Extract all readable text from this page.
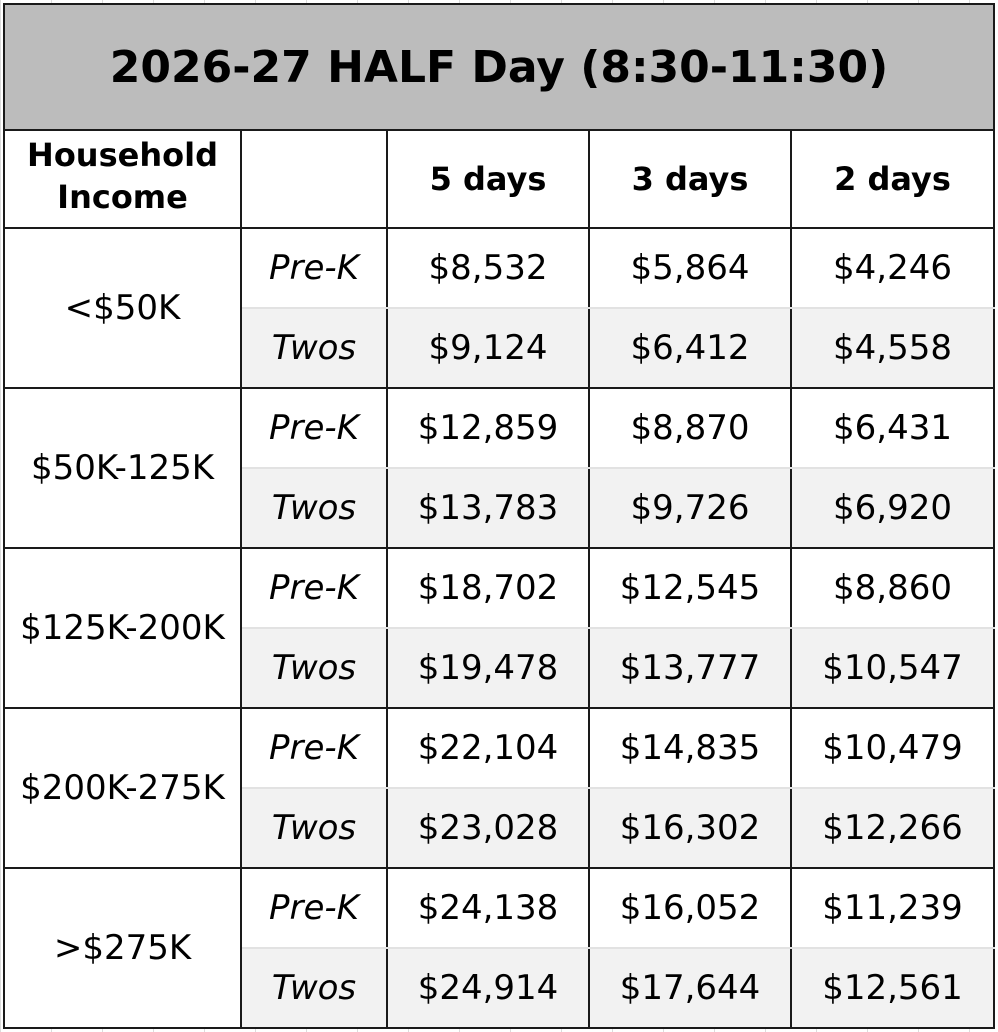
2026-27 HALF Day (8:30-11:30)				

Household Income		5 days	3 days	2 days
<$50K	Pre-K	$8,532	$5,864	$4,246
	Twos	$9,124	$6,412	$4,558
$50K-125K	Pre-K	$12,859	$8,870	$6,431
	Twos	$13,783	$9,726	$6,920
$125K-200K	Pre-K	$18,702	$12,545	$8,860
	Twos	$19,478	$13,777	$10,547
$200K-275K	Pre-K	$22,104	$14,835	$10,479
	Twos	$23,028	$16,302	$12,266
>$275K	Pre-K	$24,138	$16,052	$11,239
	Twos	$24,914	$17,644	$12,561
